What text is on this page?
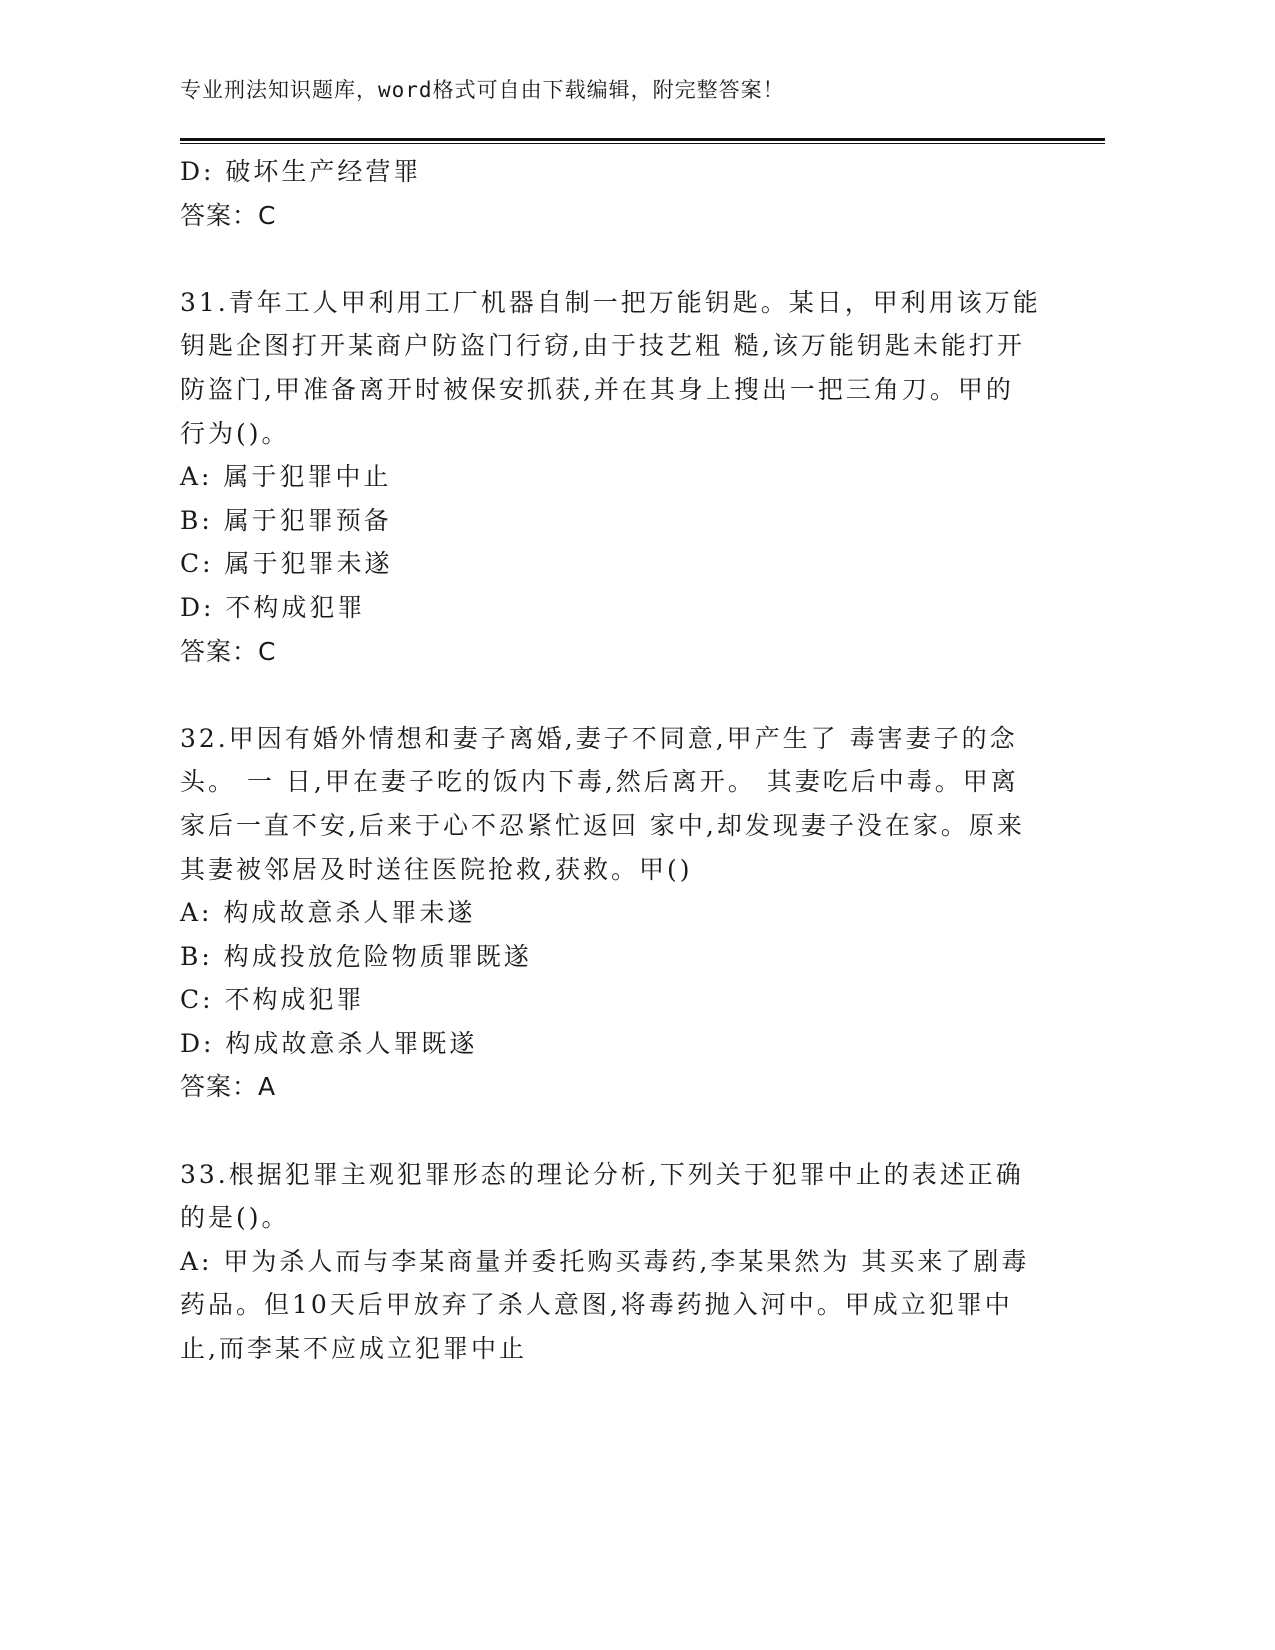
专业刑法知识题库，word格式可自由下载编辑，附完整答案！
D: 破坏生产经营罪
答案：C
31.青年工人甲利用工厂机器自制一把万能钥匙。某日，甲利用该万能
钥匙企图打开某商户防盗门行窃,由于技艺粗 糙,该万能钥匙未能打开
防盗门,甲准备离开时被保安抓获,并在其身上搜出一把三角刀。甲的
行为()。
A: 属于犯罪中止
B: 属于犯罪预备
C: 属于犯罪未遂
D: 不构成犯罪
答案：C
32.甲因有婚外情想和妻子离婚,妻子不同意,甲产生了 毒害妻子的念
头。 一 日,甲在妻子吃的饭内下毒,然后离开。 其妻吃后中毒。甲离
家后一直不安,后来于心不忍紧忙返回 家中,却发现妻子没在家。原来
其妻被邻居及时送往医院抢救,获救。甲()
A: 构成故意杀人罪未遂
B: 构成投放危险物质罪既遂
C: 不构成犯罪
D: 构成故意杀人罪既遂
答案：A
33.根据犯罪主观犯罪形态的理论分析,下列关于犯罪中止的表述正确
的是()。
A: 甲为杀人而与李某商量并委托购买毒药,李某果然为 其买来了剧毒
药品。但10天后甲放弃了杀人意图,将毒药抛入河中。甲成立犯罪中
止,而李某不应成立犯罪中止
